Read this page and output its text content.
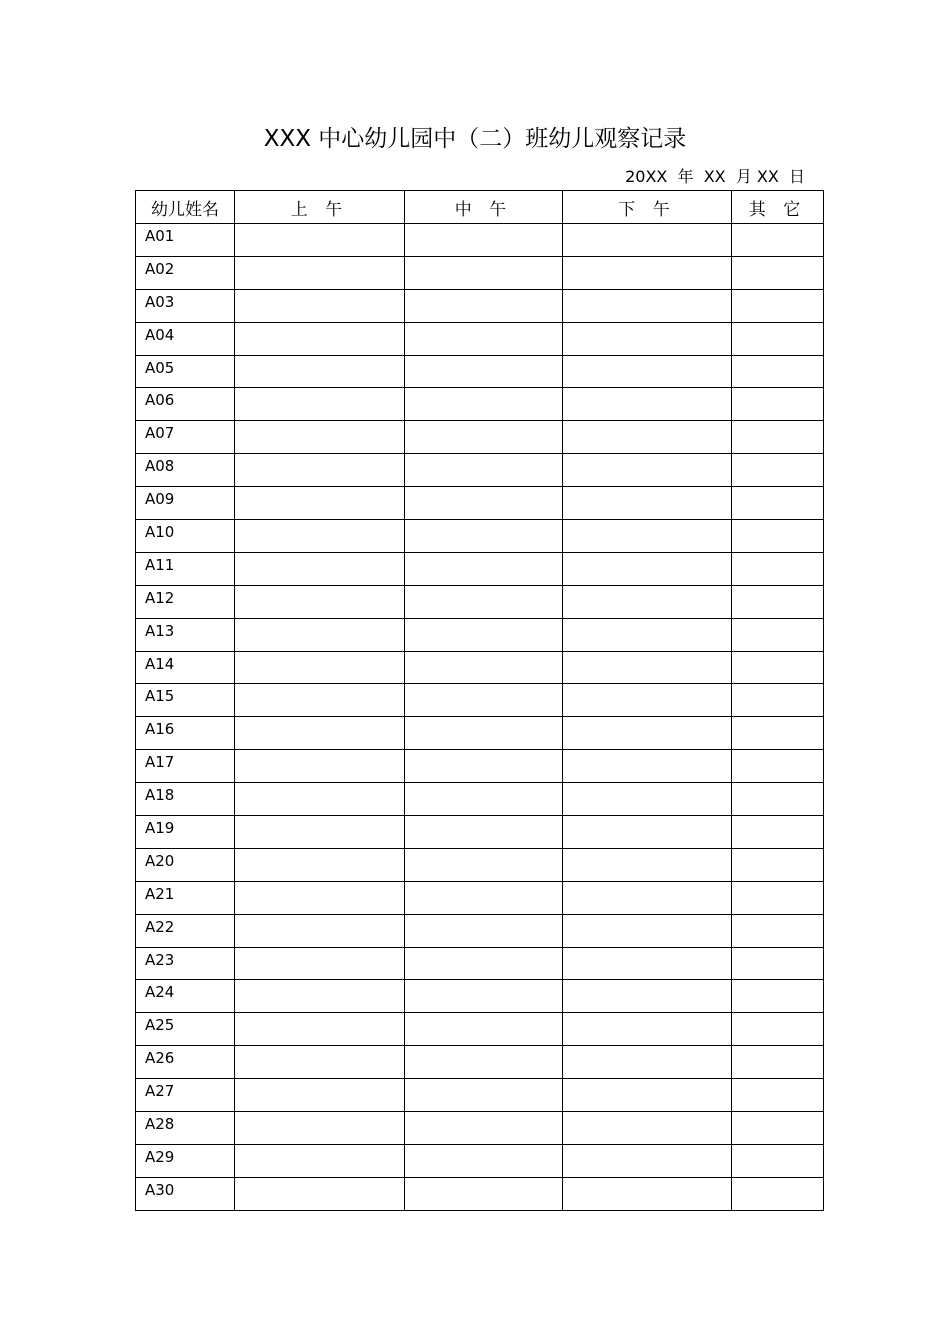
XXX 中心幼儿园中（二）班幼儿观察记录
20XX  年  XX  月 XX  日
幼儿姓名	上 午	中 午	下 午	其 它
A01				
A02				
A03				
A04				
A05				
A06				
A07				
A08				
A09				
A10				
A11				
A12				
A13				
A14				
A15				
A16				
A17				
A18				
A19				
A20				
A21				
A22				
A23				
A24				
A25				
A26				
A27				
A28				
A29				
A30				
